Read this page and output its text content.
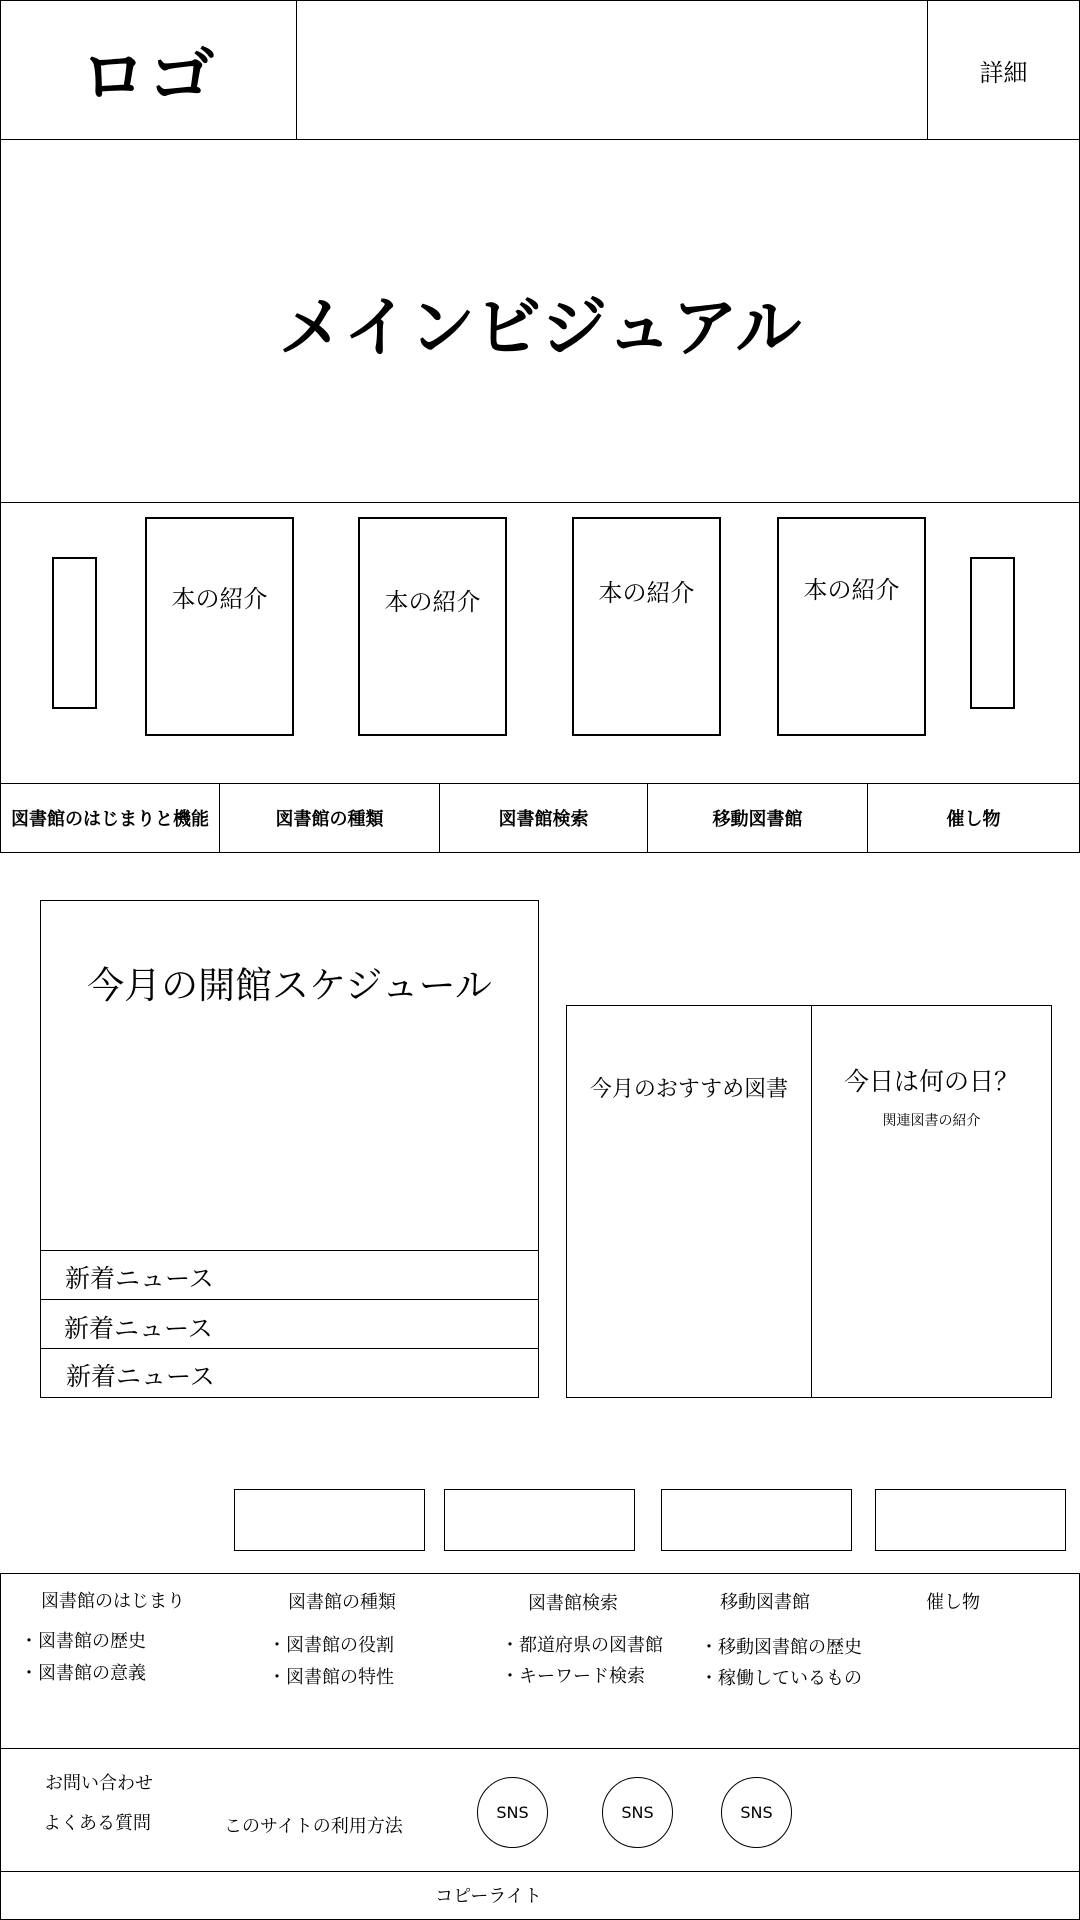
ロゴ	詳細
メインビジュアル
本の紹介	本の紹介	本の紹介	本の紹介
図書館のはじまりと機能	図書館の種類	図書館検索	移動図書館	催し物
今月の開館スケジュール
新着ニュース
新着ニュース
新着ニュース
今月のおすすめ図書	今日は何の日？
関連図書の紹介
図書館のはじまり
・図書館の歴史
・図書館の意義
図書館の種類
・図書館の役割
・図書館の特性
図書館検索
・都道府県の図書館
・キーワード検索
移動図書館
・移動図書館の歴史
・稼働しているもの
催し物
お問い合わせ
よくある質問	このサイトの利用方法
SNS	SNS	SNS
コピーライト
